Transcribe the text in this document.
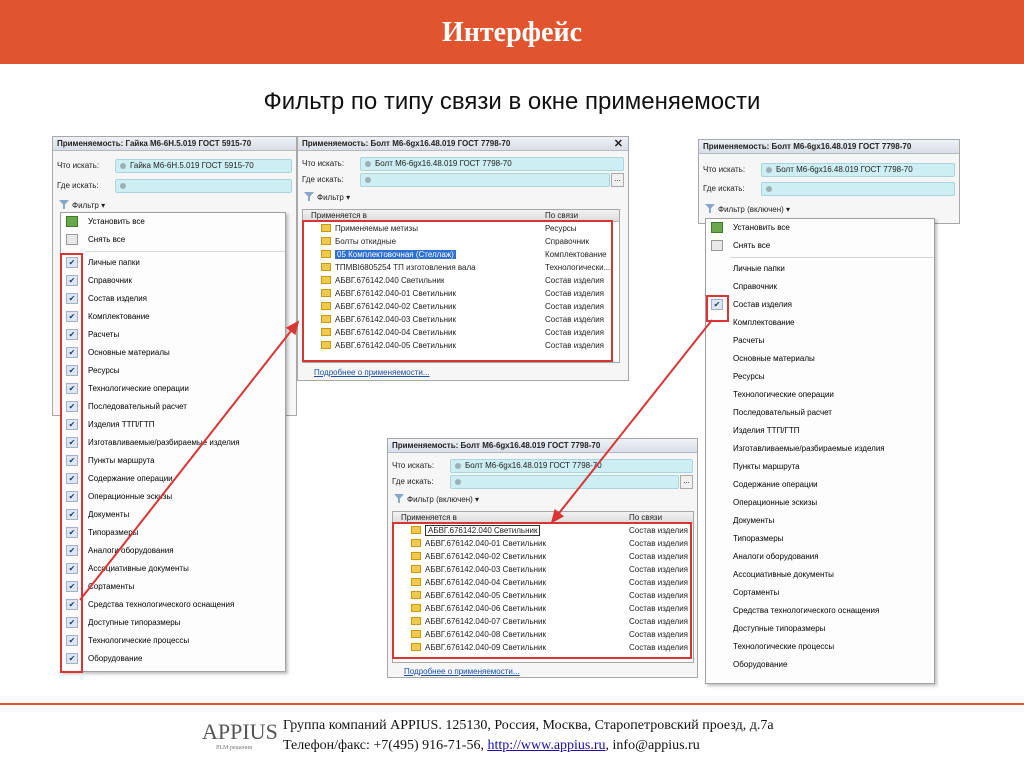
Интерфейс
Фильтр по типу связи в окне применяемости
Применяемость: Гайка М6-6Н.5.019 ГОСТ 5915-70
Что искать:	Гайка М6-6Н.5.019 ГОСТ 5915-70
Где искать:
Фильтр ▾
Установить все
Снять все
✔	Личные папки
✔	Справочник
✔	Состав изделия
✔	Комплектование
✔	Расчеты
✔	Основные материалы
✔	Ресурсы
✔	Технологические операции
✔	Последовательный расчет
✔	Изделия ТТП/ГТП
✔	Изготавливаемые/разбираемые изделия
✔	Пункты маршрута
✔	Содержание операции
✔	Операционные эскизы
✔	Документы
✔	Типоразмеры
✔	Аналоги оборудования
✔	Ассоциативные документы
✔	Сортаменты
✔	Средства технологического оснащения
✔	Доступные типоразмеры
✔	Технологические процессы
✔	Оборудование
Применяемость: Болт М6-6gх16.48.019 ГОСТ 7798-70	✕
Что искать:	Болт М6-6gх16.48.019 ГОСТ 7798-70
Где искать:	...
Фильтр ▾
Применяется в	По связи
Применяемые метизы	Ресурсы
Болты откидные	Справочник
05 Комплектовочная (Стеллаж)	Комплектование
ТПМВI6805254 ТП изготовления вала	Технологически...
АБВГ.676142.040 Светильник	Состав изделия
АБВГ.676142.040-01 Светильник	Состав изделия
АБВГ.676142.040-02 Светильник	Состав изделия
АБВГ.676142.040-03 Светильник	Состав изделия
АБВГ.676142.040-04 Светильник	Состав изделия
АБВГ.676142.040-05 Светильник	Состав изделия
Подробнее о применяемости...
Применяемость: Болт М6-6gх16.48.019 ГОСТ 7798-70
Что искать:	Болт М6-6gх16.48.019 ГОСТ 7798-70
Где искать:	...
Фильтр (включен) ▾
Применяется в	По связи
АБВГ.676142.040 Светильник	Состав изделия
АБВГ.676142.040-01 Светильник	Состав изделия
АБВГ.676142.040-02 Светильник	Состав изделия
АБВГ.676142.040-03 Светильник	Состав изделия
АБВГ.676142.040-04 Светильник	Состав изделия
АБВГ.676142.040-05 Светильник	Состав изделия
АБВГ.676142.040-06 Светильник	Состав изделия
АБВГ.676142.040-07 Светильник	Состав изделия
АБВГ.676142.040-08 Светильник	Состав изделия
АБВГ.676142.040-09 Светильник	Состав изделия
Подробнее о применяемости...
Применяемость: Болт М6-6gх16.48.019 ГОСТ 7798-70
Что искать:	Болт М6-6gх16.48.019 ГОСТ 7798-70
Где искать:
Фильтр (включен) ▾
Установить все
Снять все
Личные папки
Справочник
✔	Состав изделия
Комплектование
Расчеты
Основные материалы
Ресурсы
Технологические операции
Последовательный расчет
Изделия ТТП/ГТП
Изготавливаемые/разбираемые изделия
Пункты маршрута
Содержание операции
Операционные эскизы
Документы
Типоразмеры
Аналоги оборудования
Ассоциативные документы
Сортаменты
Средства технологического оснащения
Доступные типоразмеры
Технологические процессы
Оборудование
APPIUS
PLM решения
Группа компаний APPIUS. 125130, Россия, Москва, Старопетровский проезд, д.7а
Телефон/факс: +7(495) 916-71-56, http://www.appius.ru, info@appius.ru
